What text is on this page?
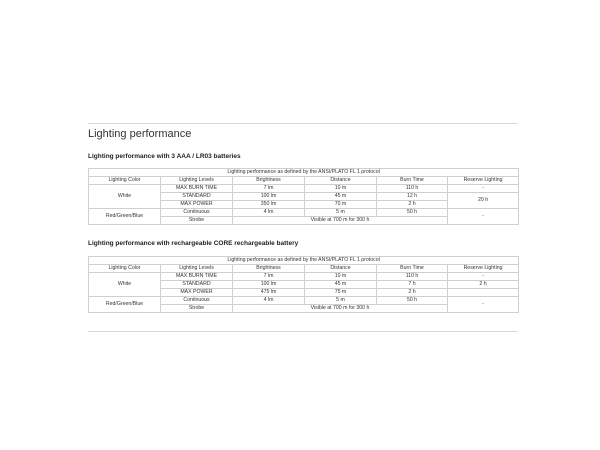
Lighting performance
Lighting performance with 3 AAA / LR03 batteries
Lighting performance as defined by the ANSI/PLATO FL 1 protocol					
Lighting Color	Lighting Levels	Brightness	Distance	Burn Time	Reserve Lighting
White	MAX BURN TIME	7 lm	10 m	110 h	-
	STANDARD	100 lm	45 m	12 h	20 h
	MAX POWER	350 lm	70 m	2 h	
Red/Green/Blue	Continuous	4 lm	5 m	50 h	-
	Strobe	Visible at 700 m for 300 h			
Lighting performance with rechargeable CORE rechargeable battery
Lighting performance as defined by the ANSI/PLATO FL 1 protocol					
Lighting Color	Lighting Levels	Brightness	Distance	Burn Time	Reserve Lighting
White	MAX BURN TIME	7 lm	10 m	110 h	-
	STANDARD	100 lm	45 m	7 h	2 h
	MAX POWER	475 lm	75 m	2 h	
Red/Green/Blue	Continuous	4 lm	5 m	50 h	-
	Strobe	Visible at 700 m for 300 h			
